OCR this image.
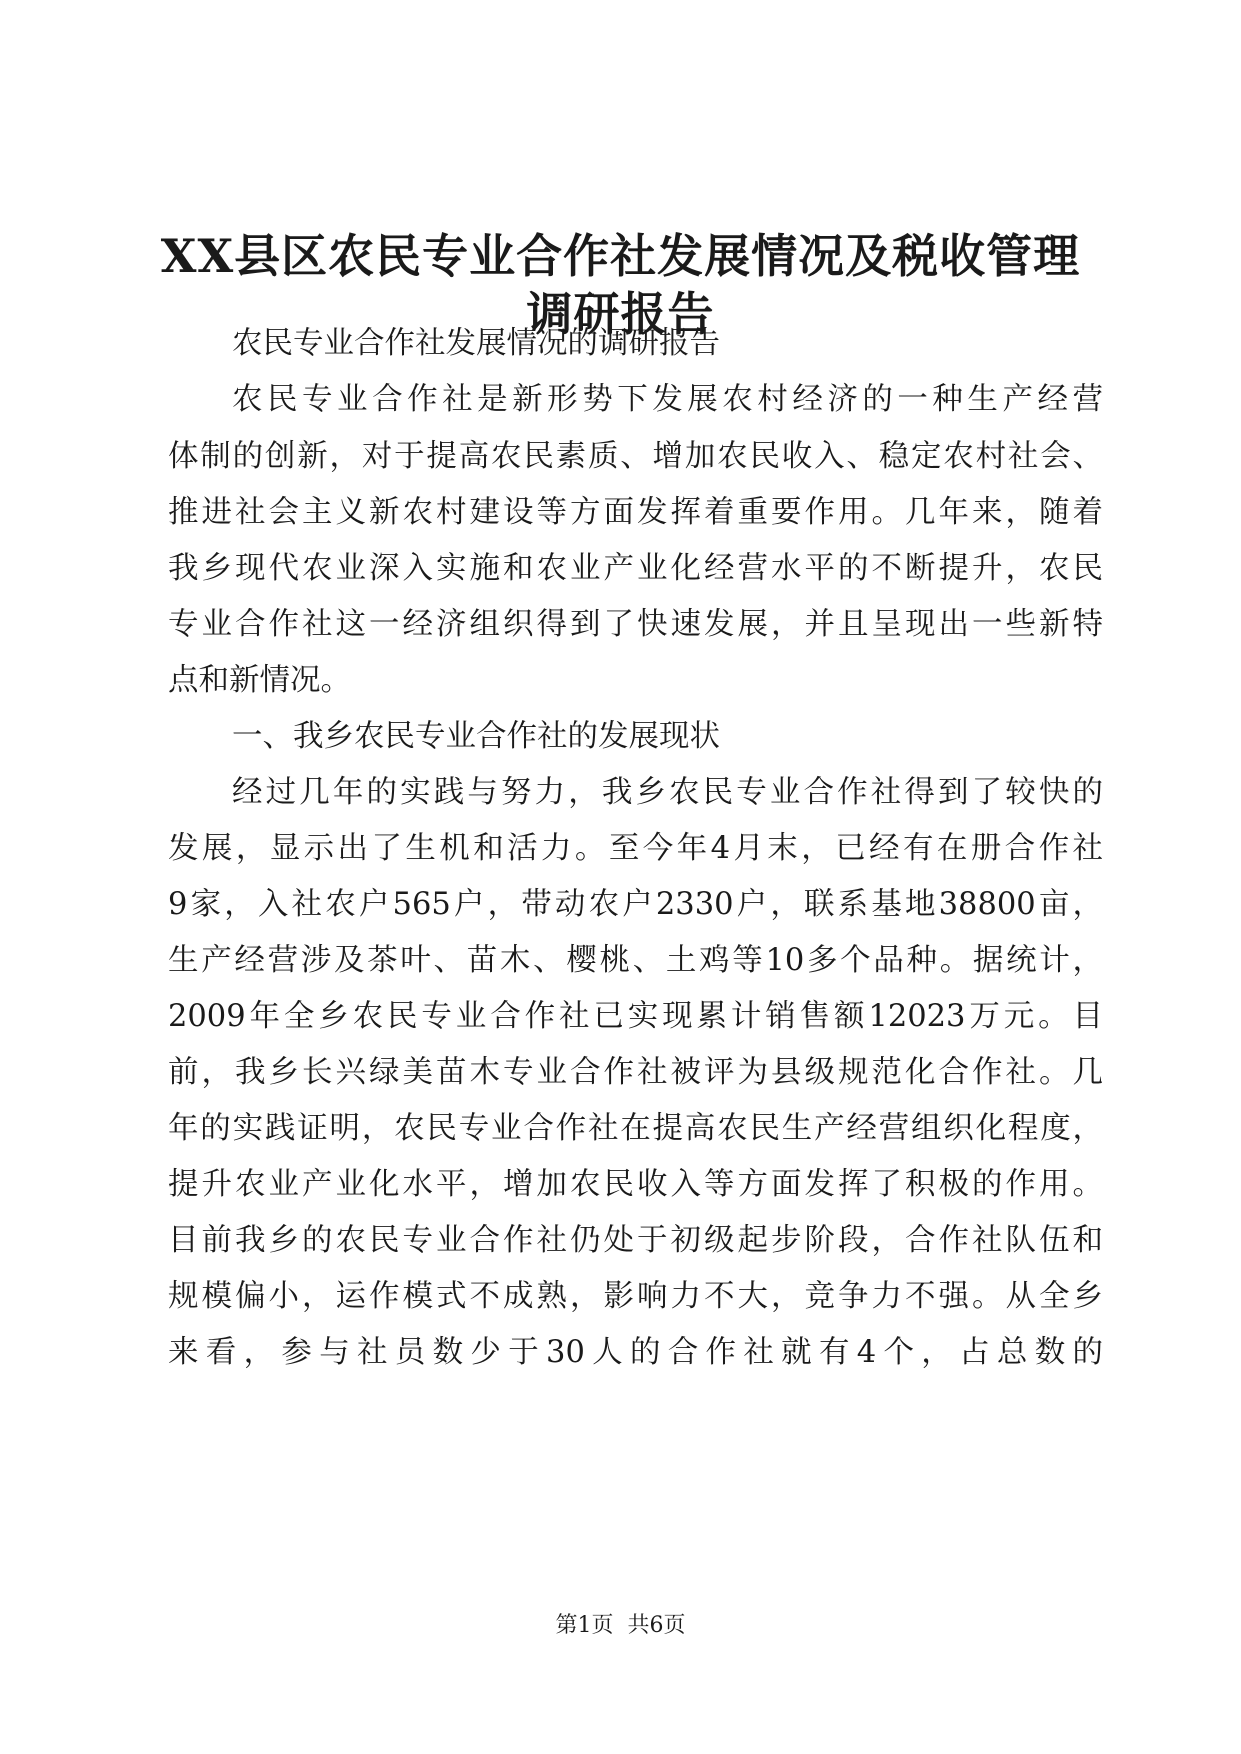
XX县区农民专业合作社发展情况及税收管理
调研报告
农民专业合作社发展情况的调研报告
农民专业合作社是新形势下发展农村经济的一种生产经营
体制的创新，对于提高农民素质、增加农民收入、稳定农村社会、
推进社会主义新农村建设等方面发挥着重要作用。几年来，随着
我乡现代农业深入实施和农业产业化经营水平的不断提升，农民
专业合作社这一经济组织得到了快速发展，并且呈现出一些新特
点和新情况。
一、我乡农民专业合作社的发展现状
经过几年的实践与努力，我乡农民专业合作社得到了较快的
发展，显示出了生机和活力。至今年4月末，已经有在册合作社
9家，入社农户565户，带动农户2330户，联系基地38800亩，
生产经营涉及茶叶、苗木、樱桃、土鸡等10多个品种。据统计，
2009年全乡农民专业合作社已实现累计销售额12023万元。目
前，我乡长兴绿美苗木专业合作社被评为县级规范化合作社。几
年的实践证明，农民专业合作社在提高农民生产经营组织化程度，
提升农业产业化水平，增加农民收入等方面发挥了积极的作用。
目前我乡的农民专业合作社仍处于初级起步阶段，合作社队伍和
规模偏小，运作模式不成熟，影响力不大，竞争力不强。从全乡
来看，参与社员数少于30人的合作社就有4个，占总数的
第1页  共6页
